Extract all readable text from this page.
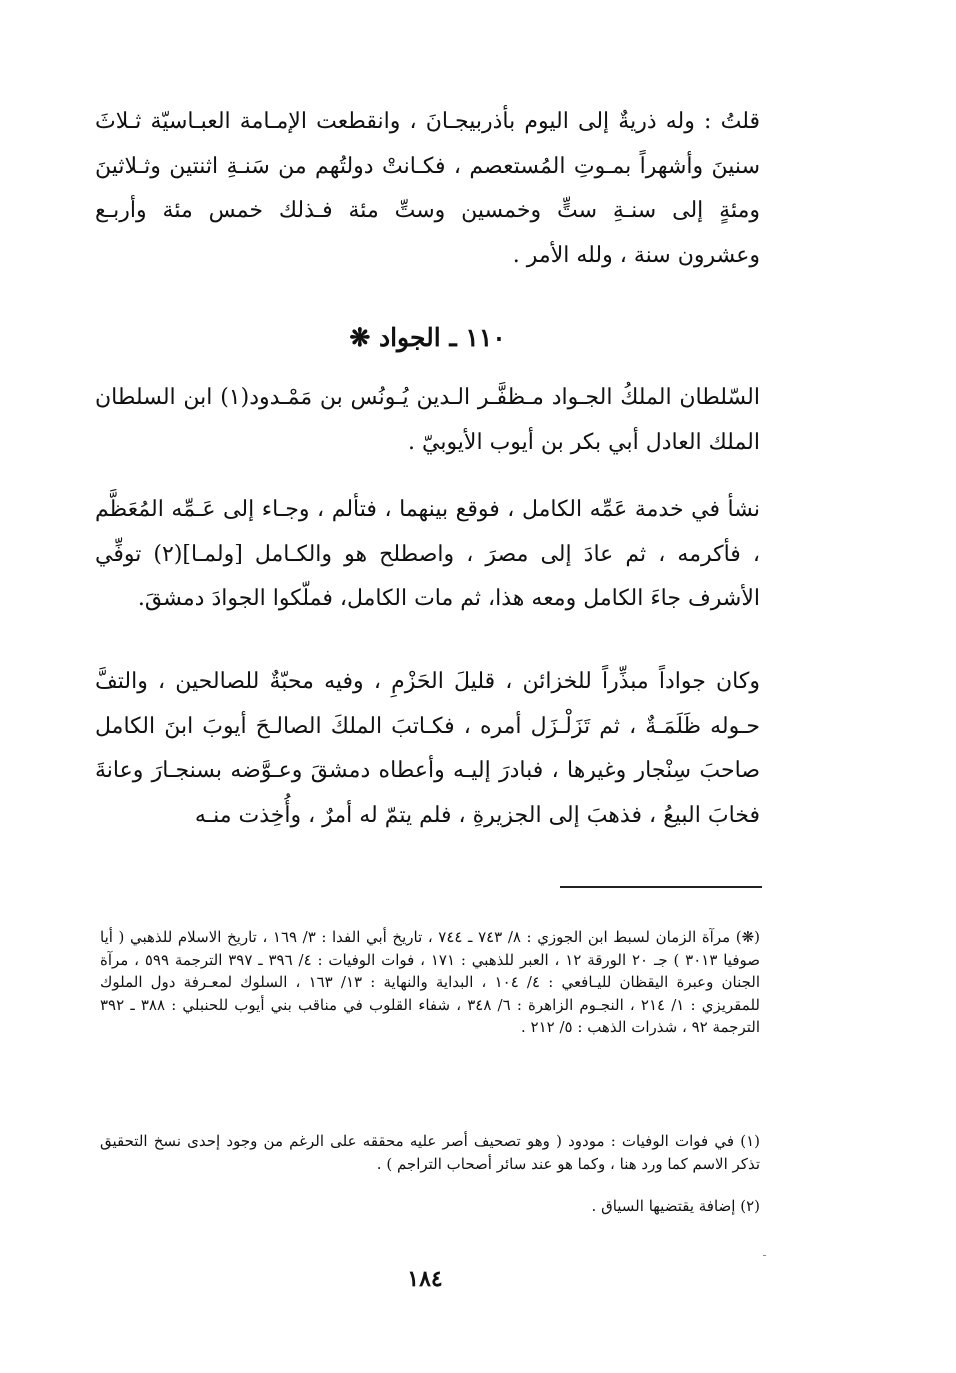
قلتُ : وله ذريةٌ إلى اليوم بأذربيجـانَ ، وانقطعت الإمـامة العبـاسيّة ثـلاثَ سنينَ وأشهراً بمـوتِ المُستعصم ، فكـانتْ دولتُهم من سَنـةِ اثنتين وثـلاثينَ ومئةٍ إلى سنـةِ ستٍّ وخمسين وستِّ مئة فـذلك خمس مئة وأربـع وعشرون سنة ، ولله الأمر .

١١٠ ـ الجواد ❋

السّلطان الملكُ الجـواد مـظفَّـر الـدين يُـونُس بن مَمْـدود(١) ابن السلطان الملك العادل أبي بكر بن أيوب الأيوبيّ .

نشأ في خدمة عَمِّه الكامل ، فوقع بينهما ، فتألم ، وجـاء إلى عَـمِّه المُعَظَّم ، فأكرمه ، ثم عادَ إلى مصرَ ، واصطلح هو والكـامل [ولمـا](٢) توفِّي الأشرف جاءَ الكامل ومعه هذا، ثم مات الكامل، فملّكوا الجوادَ دمشقَ.

وكان جواداً مبذِّراً للخزائن ، قليلَ الحَزْمِ ، وفيه محبّةٌ للصالحين ، والتفَّ حـوله ظَلَمَـةٌ ، ثم تَزَلْـزَل أمره ، فكـاتبَ الملكَ الصالـحَ أيوبَ ابنَ الكامل صاحبَ سِنْجار وغيرها ، فبادرَ إليـه وأعطاه دمشقَ وعـوَّضه بسنجـارَ وعانةَ فخابَ البيعُ ، فذهبَ إلى الجزيرةِ ، فلم يتمّ له أمرٌ ، وأُخِذت منـه

(❋) مرآة الزمان لسبط ابن الجوزي : ٨/ ٧٤٣ ـ ٧٤٤ ، تاريخ أبي الفدا : ٣/ ١٦٩ ، تاريخ الاسلام للذهبي ( أيا صوفيا ٣٠١٣ ) جـ ٢٠ الورقة ١٢ ، العبر للذهبي : ١٧١ ، فوات الوفيات : ٤/ ٣٩٦ ـ ٣٩٧ الترجمة ٥٩٩ ، مرآة الجنان وعبرة اليقظان لليـافعي : ٤/ ١٠٤ ، البداية والنهاية : ١٣/ ١٦٣ ، السلوك لمعـرفة دول الملوك للمقريزي : ١/ ٢١٤ ، النجـوم الزاهرة : ٦/ ٣٤٨ ، شفاء القلوب في مناقب بني أيوب للحنبلي : ٣٨٨ ـ ٣٩٢ الترجمة ٩٢ ، شذرات الذهب : ٥/ ٢١٢ .

(١) في فوات الوفيات : مودود ( وهو تصحيف أصر عليه محققه على الرغم من وجود إحدى نسخ التحقيق تذكر الاسم كما ورد هنا ، وكما هو عند سائر أصحاب التراجم ) .

(٢) إضافة يقتضيها السياق .

١٨٤
